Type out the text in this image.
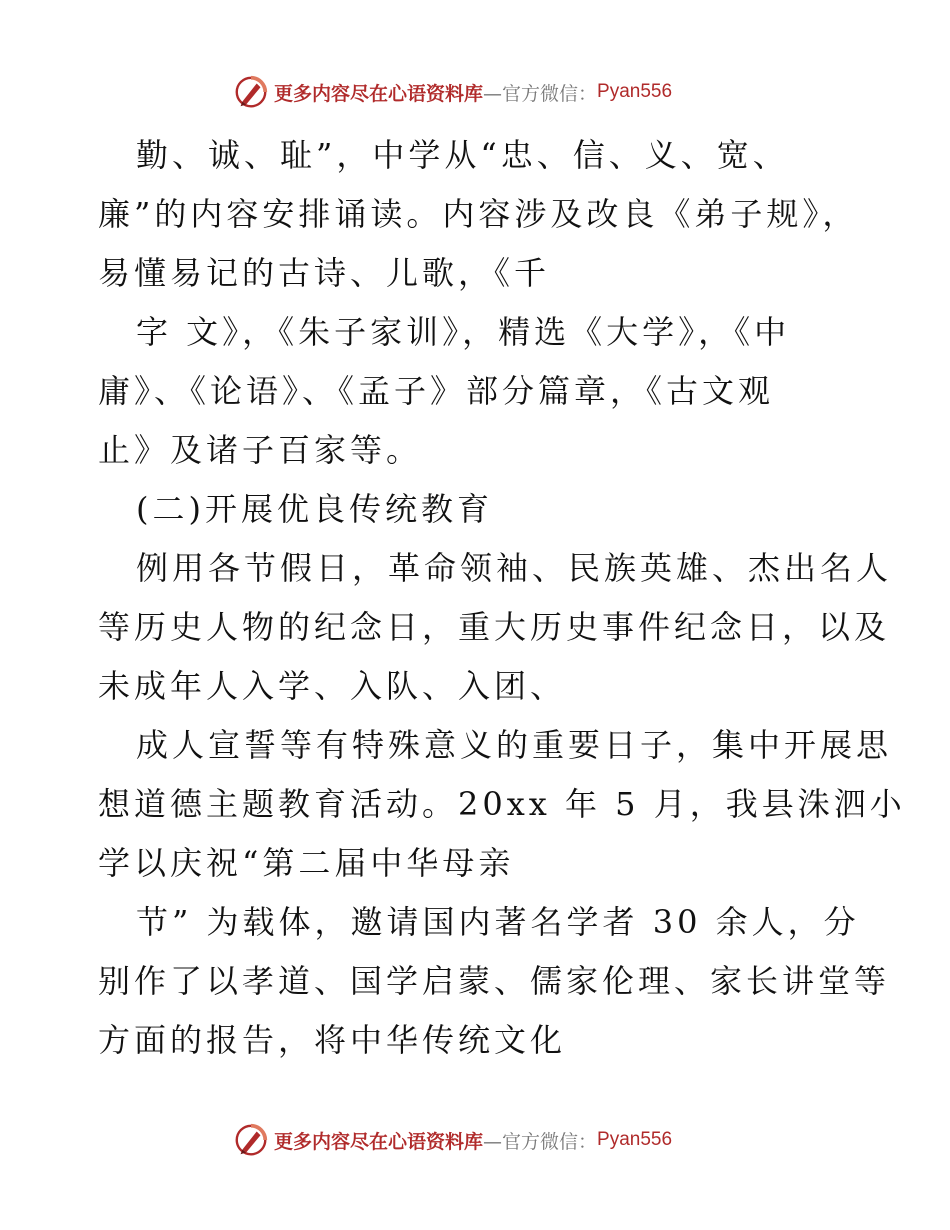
更多内容尽在心语资料库 —官方微信： Pyan556
勤、诚、耻”，中学从“忠、信、义、宽、
廉”的内容安排诵读。内容涉及改良《弟子规》，
易懂易记的古诗、儿歌，《千
字 文》，《朱子家训》，精选《大学》，《中
庸》、《论语》、《孟子》部分篇章，《古文观
止》及诸子百家等。
(二)开展优良传统教育
例用各节假日，革命领袖、民族英雄、杰出名人
等历史人物的纪念日，重大历史事件纪念日，以及
未成年人入学、入队、入团、
成人宣誓等有特殊意义的重要日子，集中开展思
想道德主题教育活动。20xx 年 5 月，我县洙泗小
学以庆祝“第二届中华母亲
节” 为载体，邀请国内著名学者 30 余人，分
别作了以孝道、国学启蒙、儒家伦理、家长讲堂等
方面的报告，将中华传统文化
更多内容尽在心语资料库 —官方微信： Pyan556
